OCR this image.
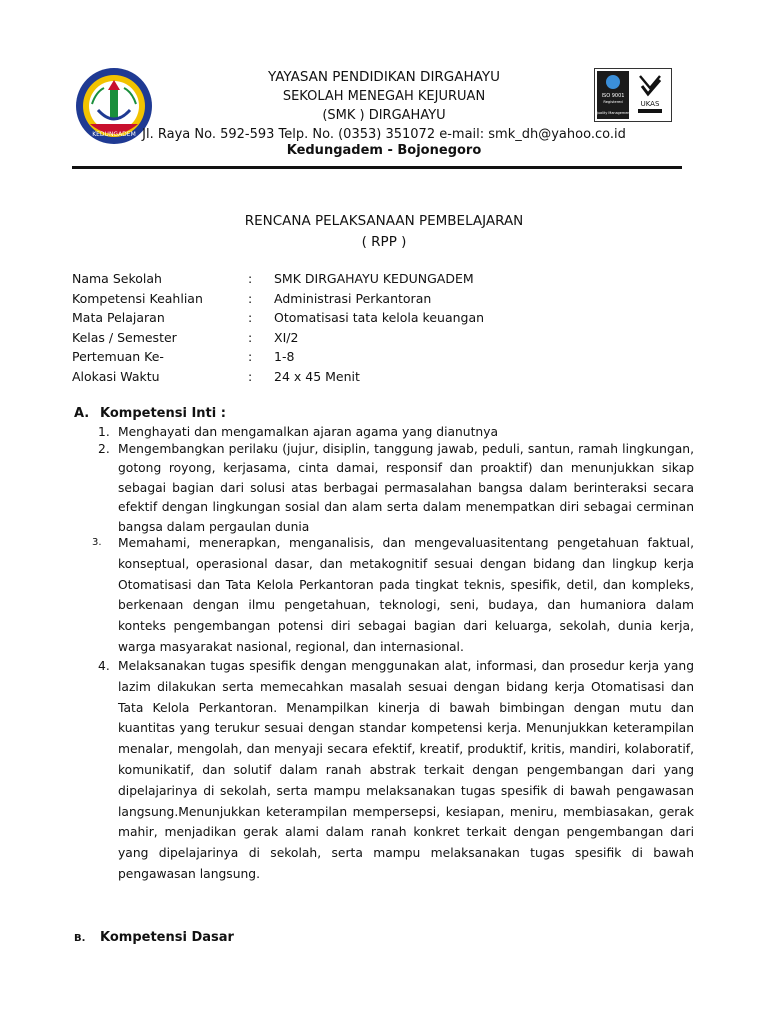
KEDUNGADEM
ISO 9001
Registered
Quality Management
UKAS
YAYASAN PENDIDIKAN DIRGAHAYU
SEKOLAH MENEGAH KEJURUAN
(SMK ) DIRGAHAYU
Jl. Raya No. 592-593 Telp. No. (0353) 351072 e-mail: smk_dh@yahoo.co.id
Kedungadem - Bojonegoro
RENCANA PELAKSANAAN PEMBELAJARAN
( RPP )
Nama Sekolah	: SMK DIRGAHAYU KEDUNGADEM
Kompetensi Keahlian	: Administrasi Perkantoran
Mata Pelajaran	: Otomatisasi tata kelola keuangan
Kelas / Semester	: XI/2
Pertemuan Ke-	: 1-8
Alokasi Waktu	: 24 x 45 Menit
A. Kompetensi Inti :
1. Menghayati dan mengamalkan ajaran agama yang dianutnya
2. Mengembangkan perilaku (jujur, disiplin, tanggung jawab, peduli, santun, ramah lingkungan, gotong royong, kerjasama, cinta damai, responsif dan proaktif) dan menunjukkan sikap sebagai bagian dari solusi atas berbagai permasalahan bangsa dalam berinteraksi secara efektif dengan lingkungan sosial dan alam serta dalam menempatkan diri sebagai cerminan bangsa dalam pergaulan dunia
3. Memahami, menerapkan, menganalisis, dan mengevaluasitentang pengetahuan faktual, konseptual, operasional dasar, dan metakognitif sesuai dengan bidang dan lingkup kerja Otomatisasi dan Tata Kelola Perkantoran pada tingkat teknis, spesifik, detil, dan kompleks, berkenaan dengan ilmu pengetahuan, teknologi, seni, budaya, dan humaniora dalam konteks pengembangan potensi diri sebagai bagian dari keluarga, sekolah, dunia kerja, warga masyarakat nasional, regional, dan internasional.
4. Melaksanakan tugas spesifik dengan menggunakan alat, informasi, dan prosedur kerja yang lazim dilakukan serta memecahkan masalah sesuai dengan bidang kerja Otomatisasi dan Tata Kelola Perkantoran. Menampilkan kinerja di bawah bimbingan dengan mutu dan kuantitas yang terukur sesuai dengan standar kompetensi kerja. Menunjukkan keterampilan menalar, mengolah, dan menyaji secara efektif, kreatif, produktif, kritis, mandiri, kolaboratif, komunikatif, dan solutif dalam ranah abstrak terkait dengan pengembangan dari yang dipelajarinya di sekolah, serta mampu melaksanakan tugas spesifik di bawah pengawasan langsung.Menunjukkan keterampilan mempersepsi, kesiapan, meniru, membiasakan, gerak mahir, menjadikan gerak alami dalam ranah konkret terkait dengan pengembangan dari yang dipelajarinya di sekolah, serta mampu melaksanakan tugas spesifik di bawah pengawasan langsung.
B. Kompetensi Dasar
